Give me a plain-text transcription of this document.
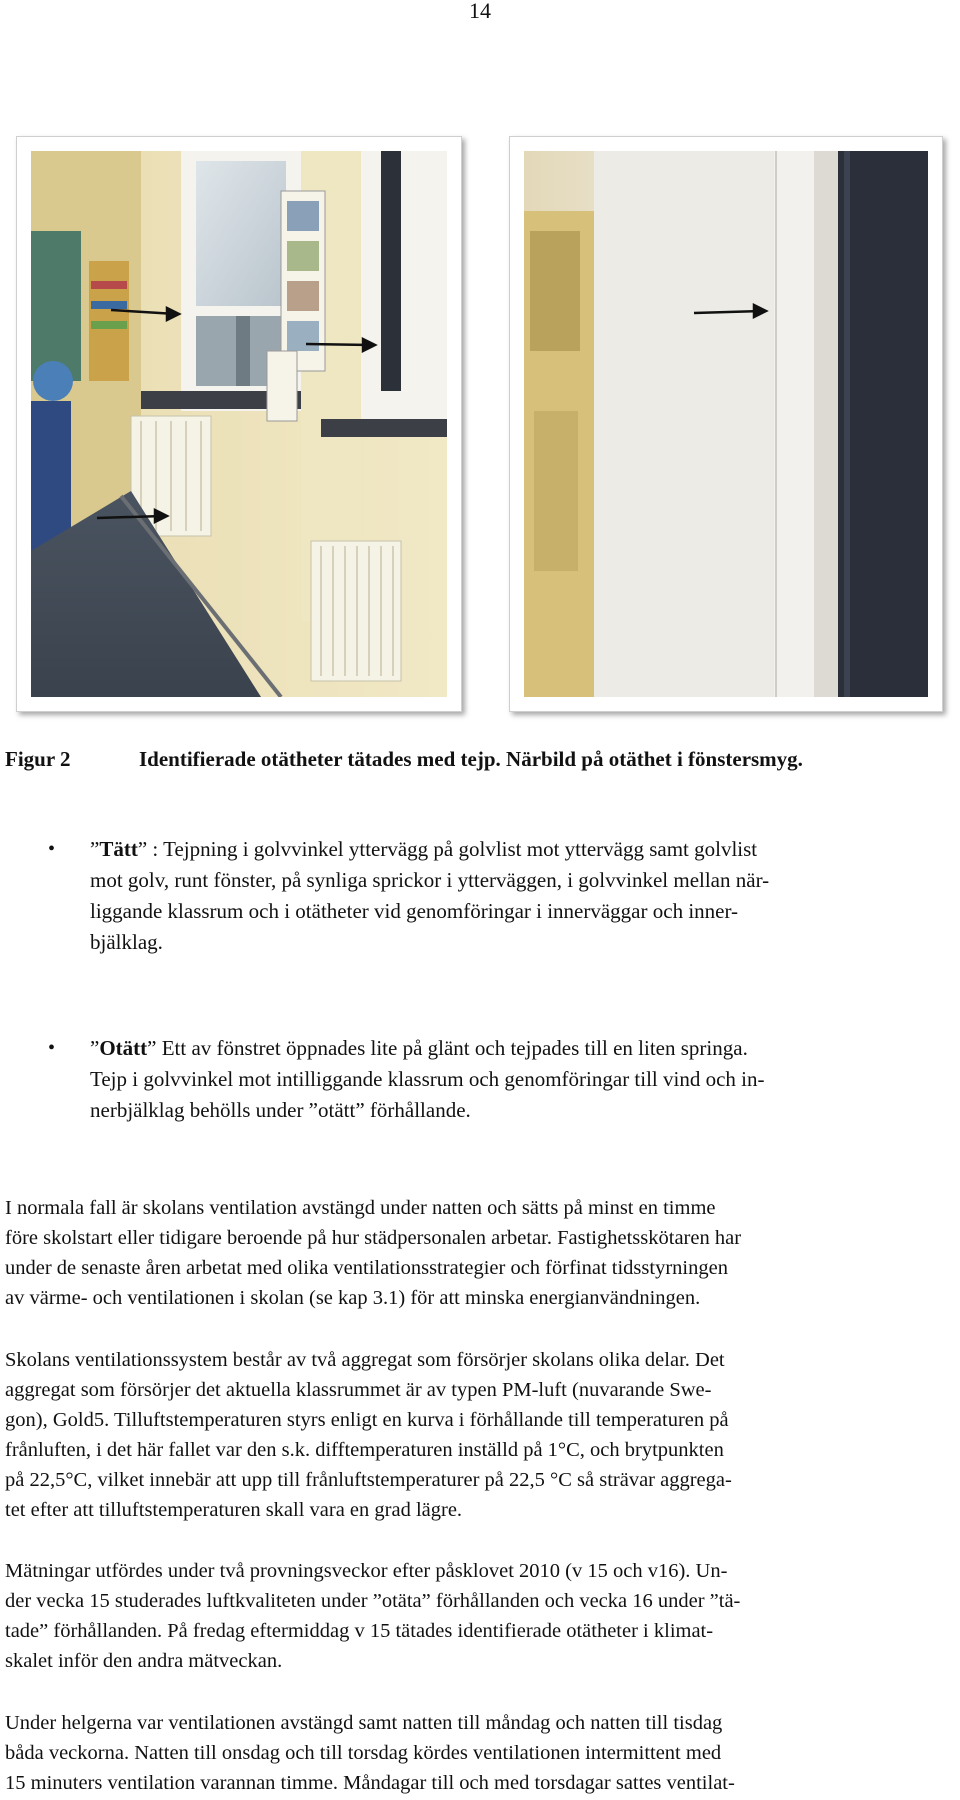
14
Figur 2	Identifierade otätheter tätades med tejp. Närbild på otäthet i fönstersmyg.
• ”Tätt” : Tejpning i golvvinkel yttervägg på golvlist mot yttervägg samt golvlist
mot golv, runt fönster, på synliga sprickor i ytterväggen, i golvvinkel mellan när-
liggande klassrum och i otätheter vid genomföringar i innerväggar och inner-
bjälklag.
• ”Otätt” Ett av fönstret öppnades lite på glänt och tejpades till en liten springa.
Tejp i golvvinkel mot intilliggande klassrum och genomföringar till vind och in-
nerbjälklag behölls under ”otätt” förhållande.
I normala fall är skolans ventilation avstängd under natten och sätts på minst en timme
före skolstart eller tidigare beroende på hur städpersonalen arbetar. Fastighetsskötaren har
under de senaste åren arbetat med olika ventilationsstrategier och förfinat tidsstyrningen
av värme- och ventilationen i skolan (se kap 3.1) för att minska energianvändningen.
Skolans ventilationssystem består av två aggregat som försörjer skolans olika delar. Det
aggregat som försörjer det aktuella klassrummet är av typen PM-luft (nuvarande Swe-
gon), Gold5. Tilluftstemperaturen styrs enligt en kurva i förhållande till temperaturen på
frånluften, i det här fallet var den s.k. difftemperaturen inställd på 1°C, och brytpunkten
på 22,5°C, vilket innebär att upp till frånluftstemperaturer på 22,5 °C så strävar aggrega-
tet efter att tilluftstemperaturen skall vara en grad lägre.
Mätningar utfördes under två provningsveckor efter påsklovet 2010 (v 15 och v16). Un-
der vecka 15 studerades luftkvaliteten under ”otäta” förhållanden och vecka 16 under ”tä-
tade” förhållanden. På fredag eftermiddag v 15 tätades identifierade otätheter i klimat-
skalet inför den andra mätveckan.
Under helgerna var ventilationen avstängd samt natten till måndag och natten till tisdag
båda veckorna. Natten till onsdag och till torsdag kördes ventilationen intermittent med
15 minuters ventilation varannan timme. Måndagar till och med torsdagar sattes ventilat-
